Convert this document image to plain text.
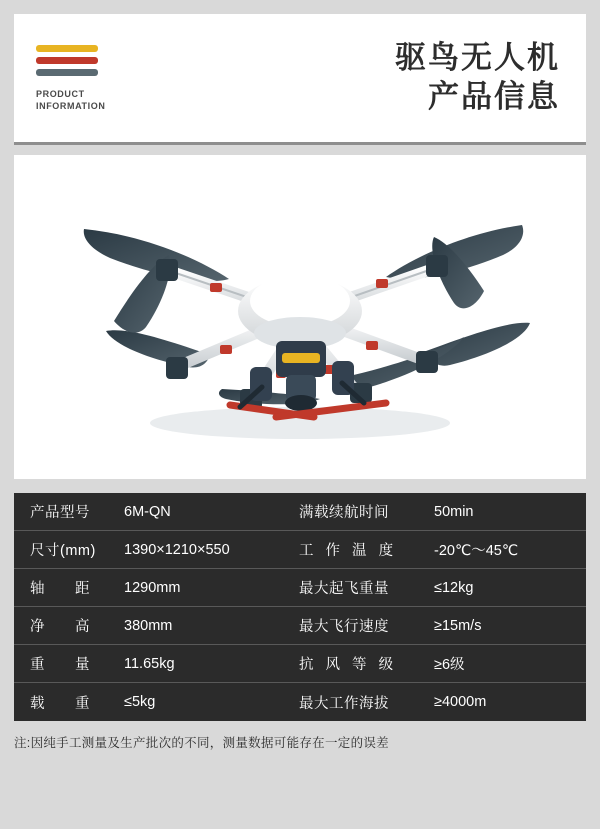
PRODUCT
INFORMATION
驱鸟无人机
产品信息
产品型号	6M-QN	满载续航时间	50min
尺寸(mm)	1390×1210×550	工 作 温 度	-20℃～45℃
轴　　距	1290mm	最大起飞重量	≤12kg
净　　高	380mm	最大飞行速度	≥15m/s
重　　量	11.65kg	抗 风 等 级	≥6级
载　　重	≤5kg	最大工作海拔	≥4000m
注:因纯手工测量及生产批次的不同，测量数据可能存在一定的误差
